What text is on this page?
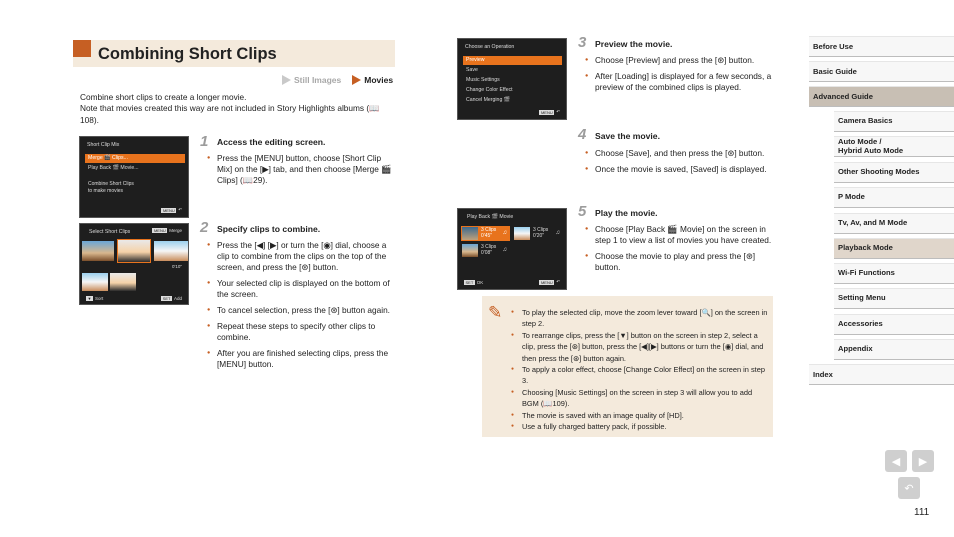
Combining Short Clips
Still Images	Movies
Combine short clips to create a longer movie.
Note that movies created this way are not included in Story Highlights albums (📖108).
Short Clip Mix
Merge 🎬 Clips...
Play Back 🎬 Movie...
Combine Short Clips
to make movies
MENU ↶
Select Short Clips	MENU Merge
0'10"
▼ Sort	SET Add
Choose an Operation
Preview
Save
Music Settings
Change Color Effect
Cancel Merging 🎬
MENU ↶
Play Back 🎬 Movie
3 Clips
0'45" ♫	3 Clips
0'20" ♫
3 Clips
0'08" ♫
SET OK	MENU ↶
1 Access the editing screen.
● Press the [MENU] button, choose [Short Clip Mix] on the [▶] tab, and then choose [Merge 🎬 Clips] (📖29).
2 Specify clips to combine.
● Press the [◀] [▶] or turn the [◉] dial, choose a clip to combine from the clips on the top of the screen, and press the [⊛] button.
● Your selected clip is displayed on the bottom of the screen.
● To cancel selection, press the [⊛] button again.
● Repeat these steps to specify other clips to combine.
● After you are finished selecting clips, press the [MENU] button.
3 Preview the movie.
● Choose [Preview] and press the [⊛] button.
● After [Loading] is displayed for a few seconds, a preview of the combined clips is played.
4 Save the movie.
● Choose [Save], and then press the [⊛] button.
● Once the movie is saved, [Saved] is displayed.
5 Play the movie.
● Choose [Play Back 🎬 Movie] on the screen in step 1 to view a list of movies you have created.
● Choose the movie to play and press the [⊛] button.
✎
●	To play the selected clip, move the zoom lever toward [🔍] on the screen in step 2.
● To rearrange clips, press the [▼] button on the screen in step 2, select a clip, press the [⊛] button, press the [◀][▶] buttons or turn the [◉] dial, and then press the [⊛] button again.
● To apply a color effect, choose [Change Color Effect] on the screen in step 3.
● Choosing [Music Settings] on the screen in step 3 will allow you to add BGM (📖109).
● The movie is saved with an image quality of [HD].
● Use a fully charged battery pack, if possible.
Before Use
Basic Guide
Advanced Guide
Camera Basics
Auto Mode /
Hybrid Auto Mode
Other Shooting Modes
P Mode
Tv, Av, and M Mode
Playback Mode
Wi-Fi Functions
Setting Menu
Accessories
Appendix
Index
◀ ▶
↶
111
